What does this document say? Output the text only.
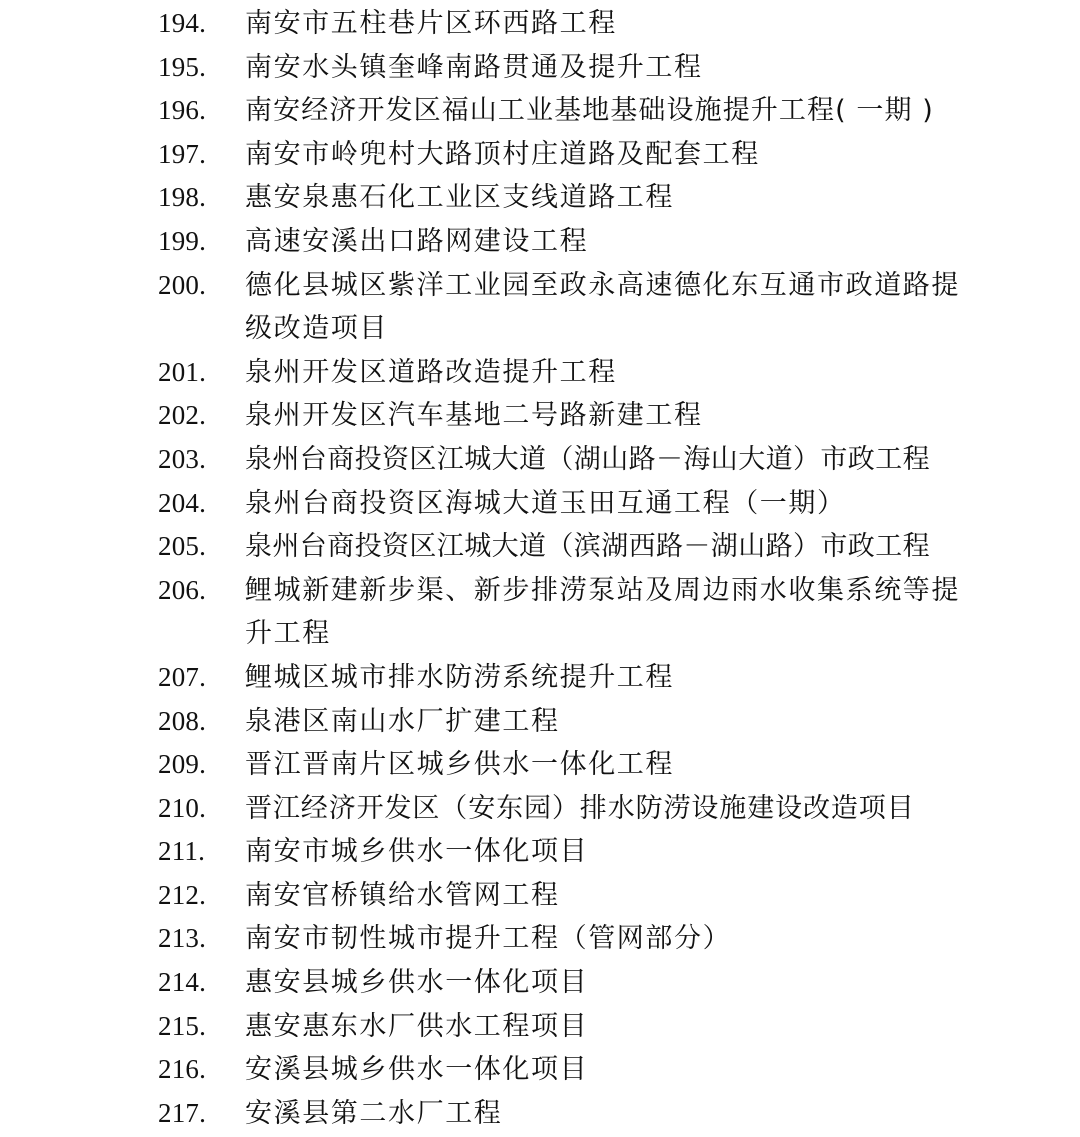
194.	南安市五柱巷片区环西路工程
195.	南安水头镇奎峰南路贯通及提升工程
196.	南安经济开发区福山工业基地基础设施提升工程( 一期 )
197.	南安市岭兜村大路顶村庄道路及配套工程
198.	惠安泉惠石化工业区支线道路工程
199.	高速安溪出口路网建设工程
200.	德化县城区紫洋工业园至政永高速德化东互通市政道路提级改造项目
201.	泉州开发区道路改造提升工程
202.	泉州开发区汽车基地二号路新建工程
203.	泉州台商投资区江城大道（湖山路－海山大道）市政工程
204.	泉州台商投资区海城大道玉田互通工程（一期）
205.	泉州台商投资区江城大道（滨湖西路－湖山路）市政工程
206.	鲤城新建新步渠、新步排涝泵站及周边雨水收集系统等提升工程
207.	鲤城区城市排水防涝系统提升工程
208.	泉港区南山水厂扩建工程
209.	晋江晋南片区城乡供水一体化工程
210.	晋江经济开发区（安东园）排水防涝设施建设改造项目
211.	南安市城乡供水一体化项目
212.	南安官桥镇给水管网工程
213.	南安市韧性城市提升工程（管网部分）
214.	惠安县城乡供水一体化项目
215.	惠安惠东水厂供水工程项目
216.	安溪县城乡供水一体化项目
217.	安溪县第二水厂工程
